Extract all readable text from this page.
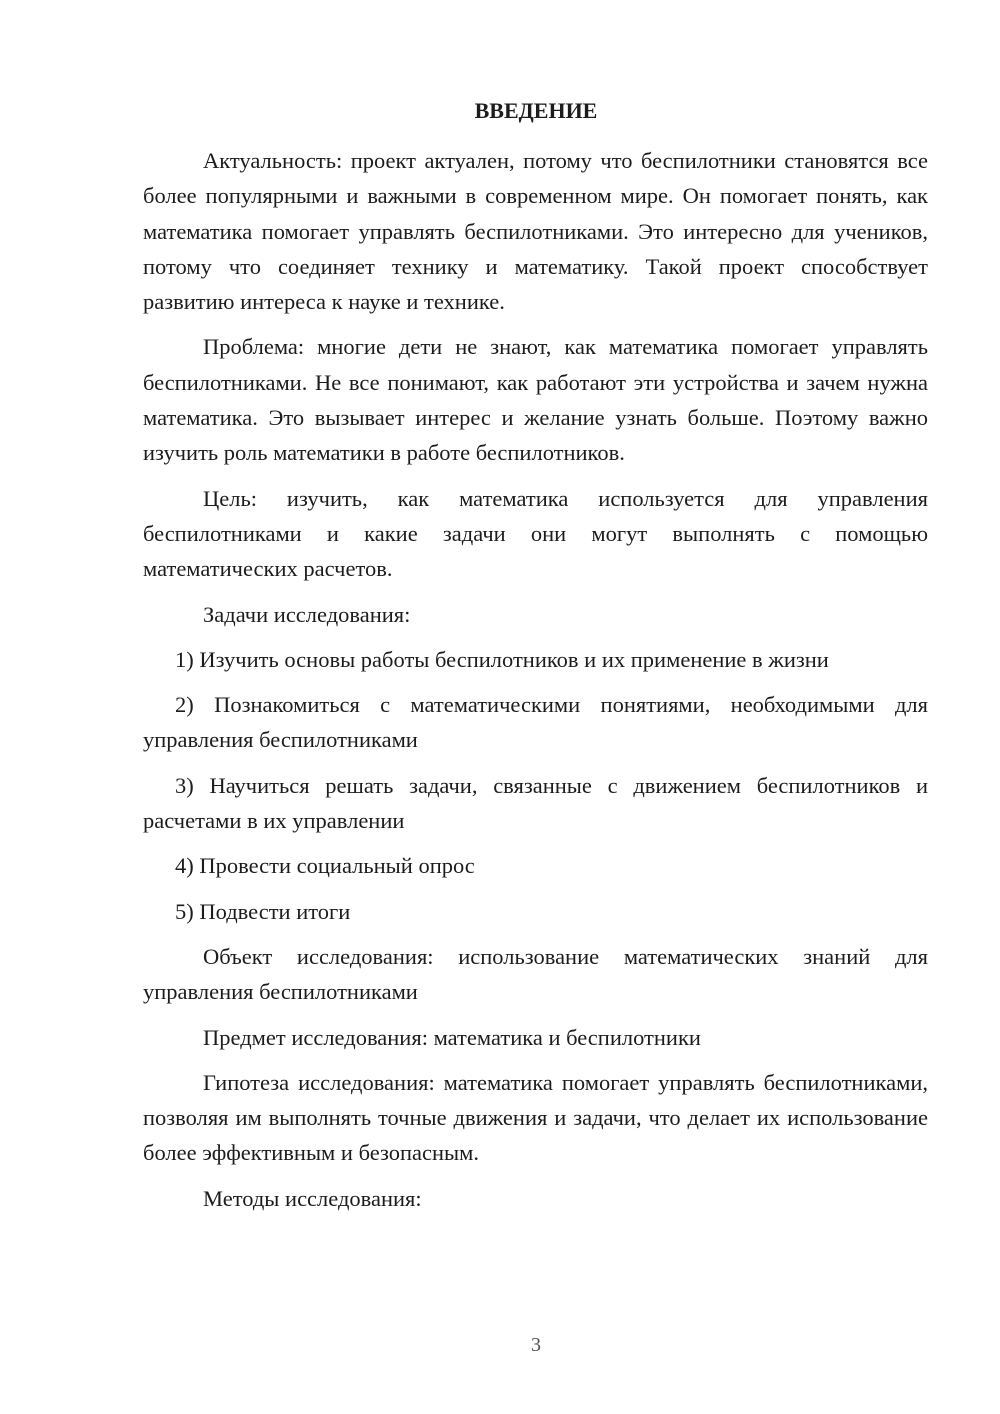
ВВЕДЕНИЕ

Актуальность: проект актуален, потому что беспилотники становятся все более популярными и важными в современном мире. Он помогает понять, как математика помогает управлять беспилотниками. Это интересно для учеников, потому что соединяет технику и математику. Такой проект способствует развитию интереса к науке и технике.

Проблема: многие дети не знают, как математика помогает управлять беспилотниками. Не все понимают, как работают эти устройства и зачем нужна математика. Это вызывает интерес и желание узнать больше. Поэтому важно изучить роль математики в работе беспилотников.

Цель: изучить, как математика используется для управления беспилотниками и какие задачи они могут выполнять с помощью математических расчетов.

Задачи исследования:

1) Изучить основы работы беспилотников и их применение в жизни

2) Познакомиться с математическими понятиями, необходимыми для управления беспилотниками

3) Научиться решать задачи, связанные с движением беспилотников и расчетами в их управлении

4) Провести социальный опрос

5) Подвести итоги

Объект исследования: использование математических знаний для управления беспилотниками

Предмет исследования: математика и беспилотники

Гипотеза исследования: математика помогает управлять беспилотниками, позволяя им выполнять точные движения и задачи, что делает их использование более эффективным и безопасным.

Методы исследования:

3
